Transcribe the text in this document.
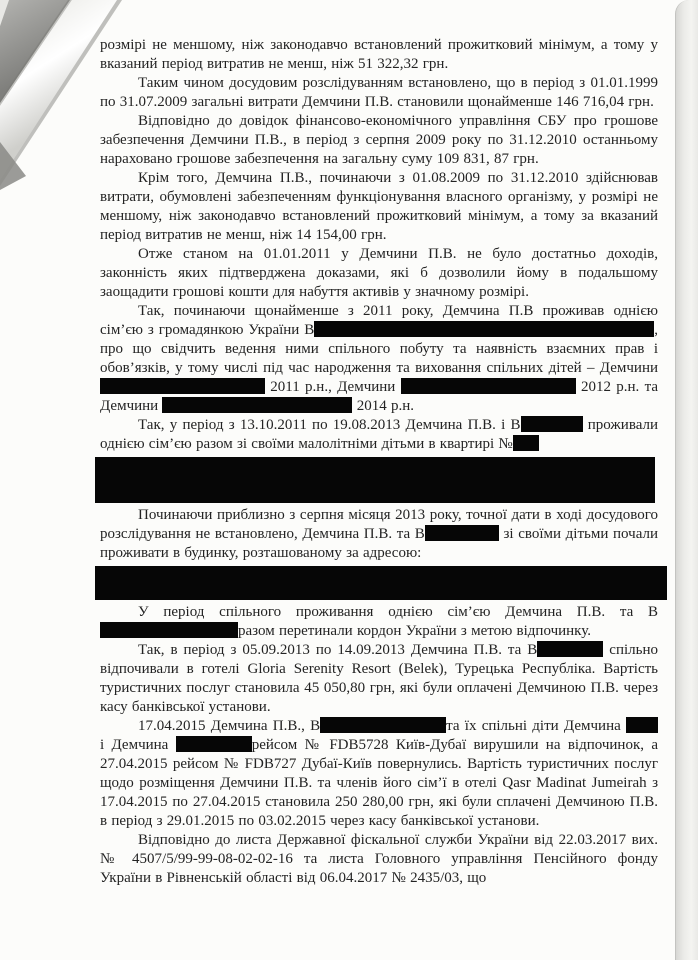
розмірі не меншому, ніж законодавчо встановлений прожитковий мінімум, а тому у вказаний період витратив не менш, ніж 51 322,32 грн.

Таким чином досудовим розслідуванням встановлено, що в період з 01.01.1999 по 31.07.2009 загальні витрати Демчини П.В. становили щонайменше 146 716,04 грн.

Відповідно до довідок фінансово-економічного управління СБУ про грошове забезпечення Демчини П.В., в період з серпня 2009 року по 31.12.2010 останньому нараховано грошове забезпечення на загальну суму 109 831, 87 грн.

Крім того, Демчина П.В., починаючи з 01.08.2009 по 31.12.2010 здійснював витрати, обумовлені забезпеченням функціонування власного організму, у розмірі не меншому, ніж законодавчо встановлений прожитковий мінімум, а тому за вказаний період витратив не менш, ніж 14 154,00 грн.

Отже станом на 01.01.2011 у Демчини П.В. не було достатньо доходів, законність яких підтверджена доказами, які б дозволили йому в подальшому заощадити грошові кошти для набуття активів у значному розмірі.

Так, починаючи щонайменше з 2011 року, Демчина П.В проживав однією сім’єю з громадянкою України В	, про що свідчить ведення ними спільного побуту та наявність взаємних прав і обов’язків, у тому числі під час народження та виховання спільних дітей – Демчини  2011 р.н., Демчини	2012 р.н. та Демчини	2014 р.н.

Так, у період з 13.10.2011 по 19.08.2013 Демчина П.В. і В	проживали однією сім’єю разом зі своїми малолітніми дітьми в квартирі №

Починаючи приблизно з серпня місяця 2013 року, точної дати в ході досудового розслідування не встановлено, Демчина П.В. та В	зі своїми дітьми почали проживати в будинку, розташованому за адресою:

У період спільного проживання однією сім’єю Демчина П.В. та Вразом перетинали кордон України з метою відпочинку.

Так, в період з 05.09.2013 по 14.09.2013 Демчина П.В. та В	спільно відпочивали в готелі Gloria Serenity Resort (Belek), Турецька Республіка. Вартість туристичних послуг становила 45 050,80 грн, які були оплачені Демчиною П.В. через касу банківської установи.

17.04.2015 Демчина П.В., В	та їх спільні діти Демчина  і Демчина	рейсом № FDB5728 Київ-Дубаї вирушили на відпочинок, а 27.04.2015 рейсом № FDB727 Дубаї-Київ повернулись. Вартість туристичних послуг щодо розміщення Демчини П.В. та членів його сім’ї в отелі Qasr Madinat Jumeirah з 17.04.2015 по 27.04.2015 становила 250 280,00 грн, які були сплачені Демчиною П.В. в період з 29.01.2015 по 03.02.2015 через касу банківської установи.

Відповідно до листа Державної фіскальної служби України від 22.03.2017 вих. № 4507/5/99-99-08-02-02-16 та листа Головного управління Пенсійного фонду України в Рівненській області від 06.04.2017 № 2435/03, що
